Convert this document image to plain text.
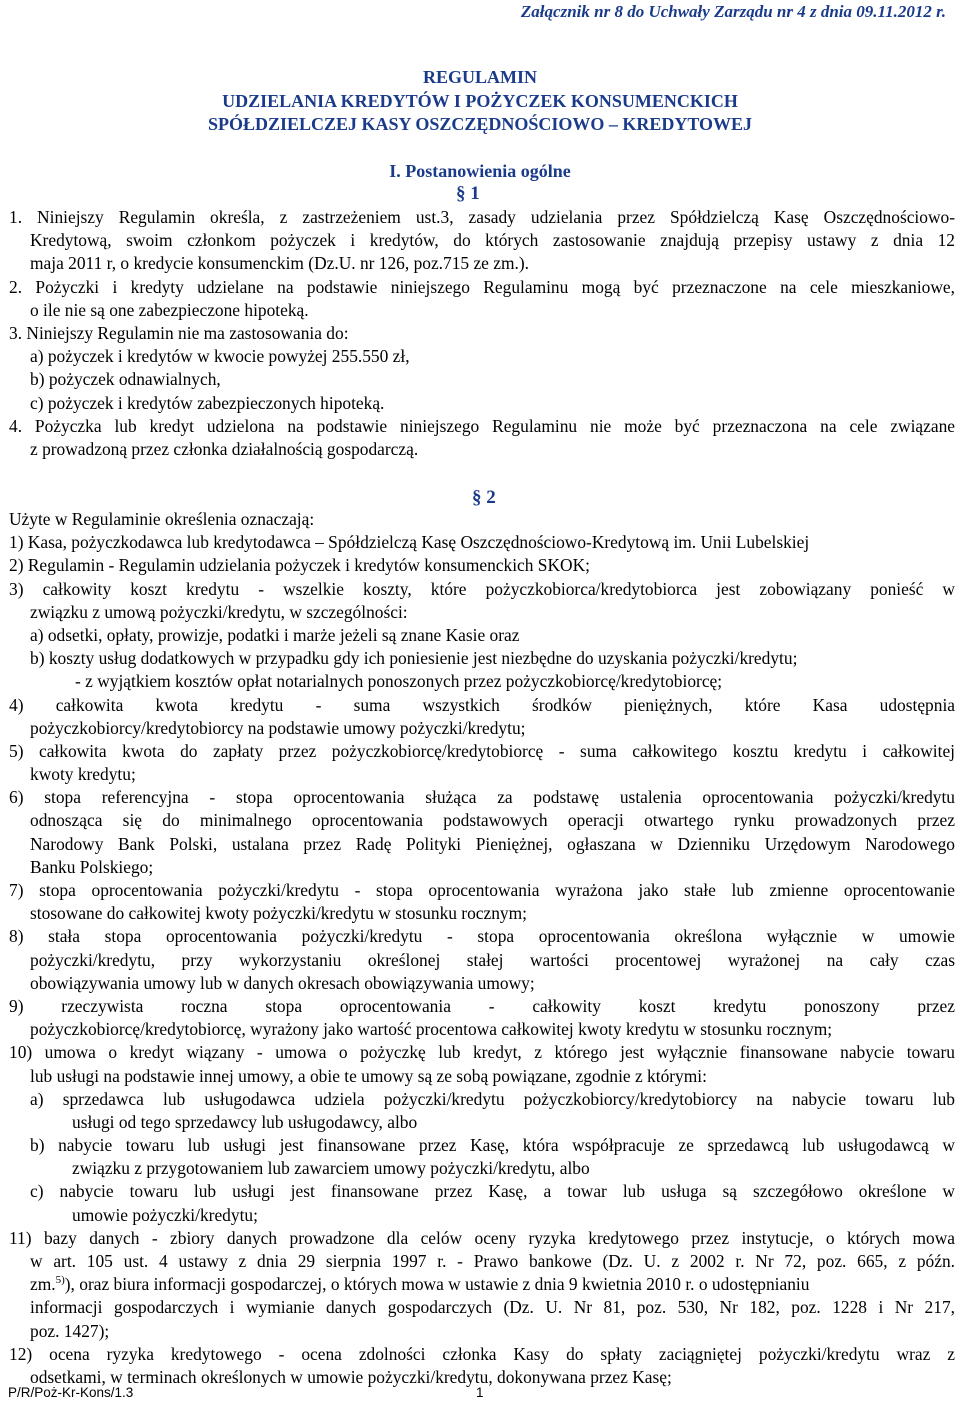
Załącznik nr 8 do Uchwały Zarządu nr 4 z dnia 09.11.2012 r.
REGULAMIN
UDZIELANIA KREDYTÓW I POŻYCZEK KONSUMENCKICH
SPÓŁDZIELCZEJ KASY OSZCZĘDNOŚCIOWO – KREDYTOWEJ
I. Postanowienia ogólne
§ 1
1. Niniejszy Regulamin określa, z zastrzeżeniem ust.3, zasady udzielania przez Spółdzielczą Kasę Oszczędnościowo-
Kredytową, swoim członkom pożyczek i kredytów, do których zastosowanie znajdują przepisy ustawy z dnia 12
maja 2011 r, o kredycie konsumenckim (Dz.U. nr 126, poz.715 ze zm.).
2. Pożyczki i kredyty udzielane na podstawie niniejszego Regulaminu mogą być przeznaczone na cele mieszkaniowe,
o ile nie są one zabezpieczone hipoteką.
3. Niniejszy Regulamin nie ma zastosowania do:
a) pożyczek i kredytów w kwocie powyżej 255.550 zł,
b) pożyczek odnawialnych,
c) pożyczek i kredytów zabezpieczonych hipoteką.
4. Pożyczka lub kredyt udzielona na podstawie niniejszego Regulaminu nie może być przeznaczona na cele związane
z prowadzoną przez członka działalnością gospodarczą.
§ 2
Użyte w Regulaminie określenia oznaczają:
1) Kasa, pożyczkodawca lub kredytodawca – Spółdzielczą Kasę Oszczędnościowo-Kredytową im. Unii Lubelskiej
2) Regulamin - Regulamin udzielania pożyczek i kredytów konsumenckich SKOK;
3) całkowity koszt kredytu - wszelkie koszty, które pożyczkobiorca/kredytobiorca jest zobowiązany ponieść w
związku z umową pożyczki/kredytu, w szczególności:
a) odsetki, opłaty, prowizje, podatki i marże jeżeli są znane Kasie oraz
b) koszty usług dodatkowych w przypadku gdy ich poniesienie jest niezbędne do uzyskania pożyczki/kredytu;
- z wyjątkiem kosztów opłat notarialnych ponoszonych przez pożyczkobiorcę/kredytobiorcę;
4) całkowita kwota kredytu - suma wszystkich środków pieniężnych, które Kasa udostępnia
pożyczkobiorcy/kredytobiorcy na podstawie umowy pożyczki/kredytu;
5) całkowita kwota do zapłaty przez pożyczkobiorcę/kredytobiorcę - suma całkowitego kosztu kredytu i całkowitej
kwoty kredytu;
6) stopa referencyjna - stopa oprocentowania służąca za podstawę ustalenia oprocentowania pożyczki/kredytu
odnosząca się do minimalnego oprocentowania podstawowych operacji otwartego rynku prowadzonych przez
Narodowy Bank Polski, ustalana przez Radę Polityki Pieniężnej, ogłaszana w Dzienniku Urzędowym Narodowego
Banku Polskiego;
7) stopa oprocentowania pożyczki/kredytu - stopa oprocentowania wyrażona jako stałe lub zmienne oprocentowanie
stosowane do całkowitej kwoty pożyczki/kredytu w stosunku rocznym;
8) stała stopa oprocentowania pożyczki/kredytu - stopa oprocentowania określona wyłącznie w umowie
pożyczki/kredytu, przy wykorzystaniu określonej stałej wartości procentowej wyrażonej na cały czas
obowiązywania umowy lub w danych okresach obowiązywania umowy;
9) rzeczywista roczna stopa oprocentowania - całkowity koszt kredytu ponoszony przez
pożyczkobiorcę/kredytobiorcę, wyrażony jako wartość procentowa całkowitej kwoty kredytu w stosunku rocznym;
10) umowa o kredyt wiązany - umowa o pożyczkę lub kredyt, z którego jest wyłącznie finansowane nabycie towaru
lub usługi na podstawie innej umowy, a obie te umowy są ze sobą powiązane, zgodnie z którymi:
a) sprzedawca lub usługodawca udziela pożyczki/kredytu pożyczkobiorcy/kredytobiorcy na nabycie towaru lub
usługi od tego sprzedawcy lub usługodawcy, albo
b) nabycie towaru lub usługi jest finansowane przez Kasę, która współpracuje ze sprzedawcą lub usługodawcą w
związku z przygotowaniem lub zawarciem umowy pożyczki/kredytu, albo
c) nabycie towaru lub usługi jest finansowane przez Kasę, a towar lub usługa są szczegółowo określone w
umowie pożyczki/kredytu;
11) bazy danych - zbiory danych prowadzone dla celów oceny ryzyka kredytowego przez instytucje, o których mowa
w art. 105 ust. 4 ustawy z dnia 29 sierpnia 1997 r. - Prawo bankowe (Dz. U. z 2002 r. Nr 72, poz. 665, z późn.
zm.$^{5)}$), oraz biura informacji gospodarczej, o których mowa w ustawie z dnia 9 kwietnia 2010 r. o udostępnianiu
informacji gospodarczych i wymianie danych gospodarczych (Dz. U. Nr 81, poz. 530, Nr 182, poz. 1228 i Nr 217,
poz. 1427);
12) ocena ryzyka kredytowego - ocena zdolności członka Kasy do spłaty zaciągniętej pożyczki/kredytu wraz z
odsetkami, w terminach określonych w umowie pożyczki/kredytu, dokonywana przez Kasę;
P/R/Poż-Kr-Kons/1.3	1
